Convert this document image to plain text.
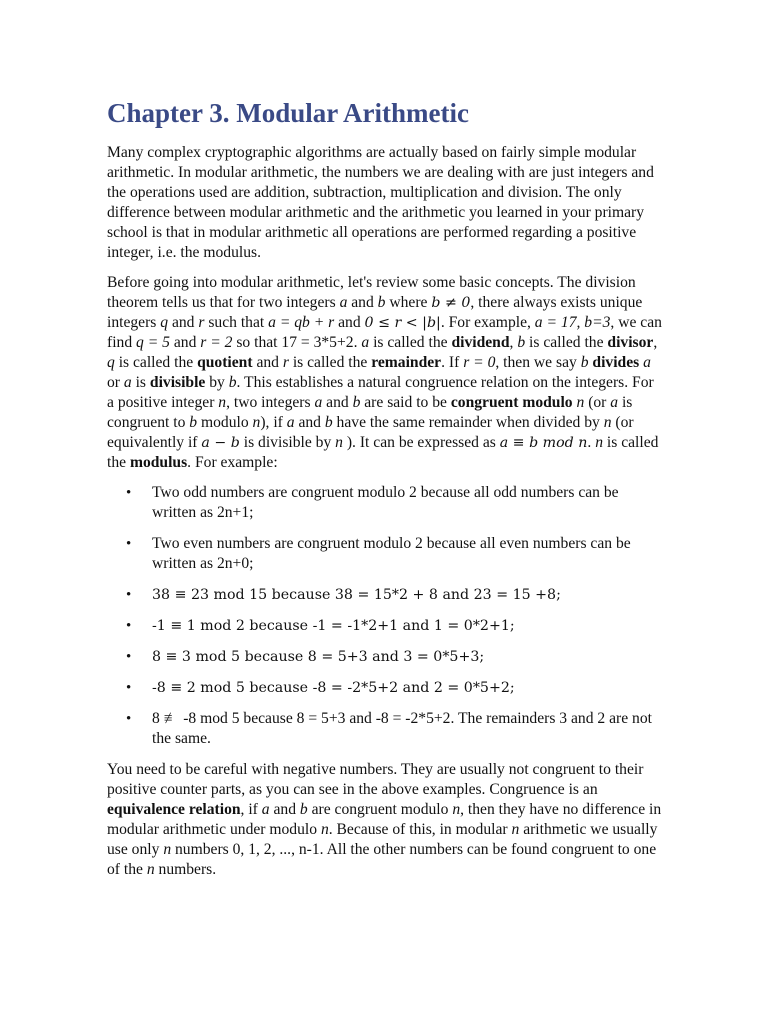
Chapter 3. Modular Arithmetic

Many complex cryptographic algorithms are actually based on fairly simple modular arithmetic. In modular arithmetic, the numbers we are dealing with are just integers and the operations used are addition, subtraction, multiplication and division. The only difference between modular arithmetic and the arithmetic you learned in your primary school is that in modular arithmetic all operations are performed regarding a positive integer, i.e. the modulus.

Before going into modular arithmetic, let's review some basic concepts. The division theorem tells us that for two integers a and b where b ≠ 0, there always exists unique integers q and r such that a = qb + r and 0 ≤ r < |b|. For example, a = 17, b=3, we can find q = 5 and r = 2 so that 17 = 3*5+2. a is called the dividend, b is called the divisor, q is called the quotient and r is called the remainder. If r = 0, then we say b divides a or a is divisible by b. This establishes a natural congruence relation on the integers. For a positive integer n, two integers a and b are said to be congruent modulo n (or a is congruent to b modulo n), if a and b have the same remainder when divided by n (or equivalently if a − b is divisible by n ). It can be expressed as a ≡ b mod n. n is called the modulus. For example:

• Two odd numbers are congruent modulo 2 because all odd numbers can be written as 2n+1;
• Two even numbers are congruent modulo 2 because all even numbers can be written as 2n+0;
• 38 ≡ 23 mod 15 because 38 = 15*2 + 8 and 23 = 15 +8;
• -1 ≡ 1 mod 2 because -1 = -1*2+1 and 1 = 0*2+1;
• 8 ≡ 3 mod 5 because 8 = 5+3 and 3 = 0*5+3;
• -8 ≡ 2 mod 5 because -8 = -2*5+2 and 2 = 0*5+2;
• 8 ≢ -8 mod 5 because 8 = 5+3 and -8 = -2*5+2. The remainders 3 and 2 are not the same.

You need to be careful with negative numbers. They are usually not congruent to their positive counter parts, as you can see in the above examples. Congruence is an equivalence relation, if a and b are congruent modulo n, then they have no difference in modular arithmetic under modulo n. Because of this, in modular n arithmetic we usually use only n numbers 0, 1, 2, ..., n-1. All the other numbers can be found congruent to one of the n numbers.
